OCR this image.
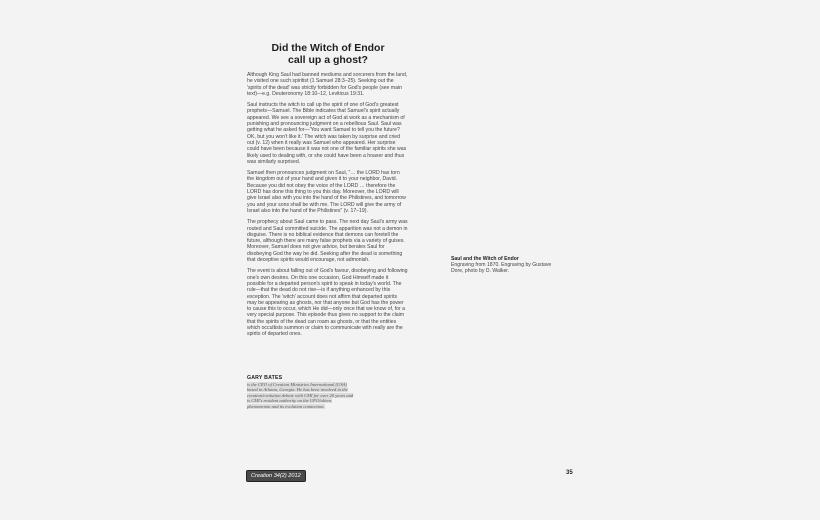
Did the Witch of Endor
call up a ghost?

Although King Saul had banned mediums and sorcerers from the land, he visited one such spiritist (1 Samuel 28:3–25). Seeking out the 'spirits of the dead' was strictly forbidden for God's people (see main text)—e.g. Deuteronomy 18:10–12, Leviticus 19:31.

Saul instructs the witch to call up the spirit of one of God's greatest prophets—Samuel. The Bible indicates that Samuel's spirit actually appeared. We see a sovereign act of God at work as a mechanism of punishing and pronouncing judgment on a rebellious Saul. Saul was getting what he asked for—'You want Samuel to tell you the future? OK, but you won't like it.' The witch was taken by surprise and cried out (v. 12) when it really was Samuel who appeared. Her surprise could have been because it was not one of the familiar spirits she was likely used to dealing with, or she could have been a hoaxer and thus was similarly surprised.

Samuel then pronounces judgment on Saul, "… the LORD has torn the kingdom out of your hand and given it to your neighbor, David. Because you did not obey the voice of the LORD … therefore the LORD has done this thing to you this day. Moreover, the LORD will give Israel also with you into the hand of the Philistines, and tomorrow you and your sons shall be with me. The LORD will give the army of Israel also into the hand of the Philistines" (v. 17–19).

The prophecy about Saul came to pass. The next day Saul's army was routed and Saul committed suicide. The apparition was not a demon in disguise. There is no biblical evidence that demons can foretell the future, although there are many false prophets via a variety of guises. Moreover, Samuel does not give advice, but berates Saul for disobeying God the way he did. Seeking after the dead is something that deceptive spirits would encourage, not admonish.

The event is about falling out of God's favour, disobeying and following one's own desires. On this one occasion, God Himself made it possible for a departed person's spirit to speak in today's world. The rule—that the dead do not rise—is if anything enhanced by this exception. The 'witch' account does not affirm that departed spirits may be appearing as ghosts, nor that anyone but God has the power to cause this to occur, which He did—only once that we know of, for a very special purpose. This episode thus gives no support to the claim that the spirits of the dead can roam as ghosts, or that the entities which occultists summon or claim to communicate with really are the spirits of departed ones.

GARY BATES
is the CEO of Creation Ministries International (USA) based in Atlanta, Georgia. He has been involved in the creation/evolution debate with CMI for over 20 years and is CMI's resident authority on the UFO/aliens phenomenon and its evolution connection.
Saul and the Witch of Endor
Engraving from 1870. Engraving by Gustave Dore, photo by D. Walker.
Creation 34(2) 2012	35
